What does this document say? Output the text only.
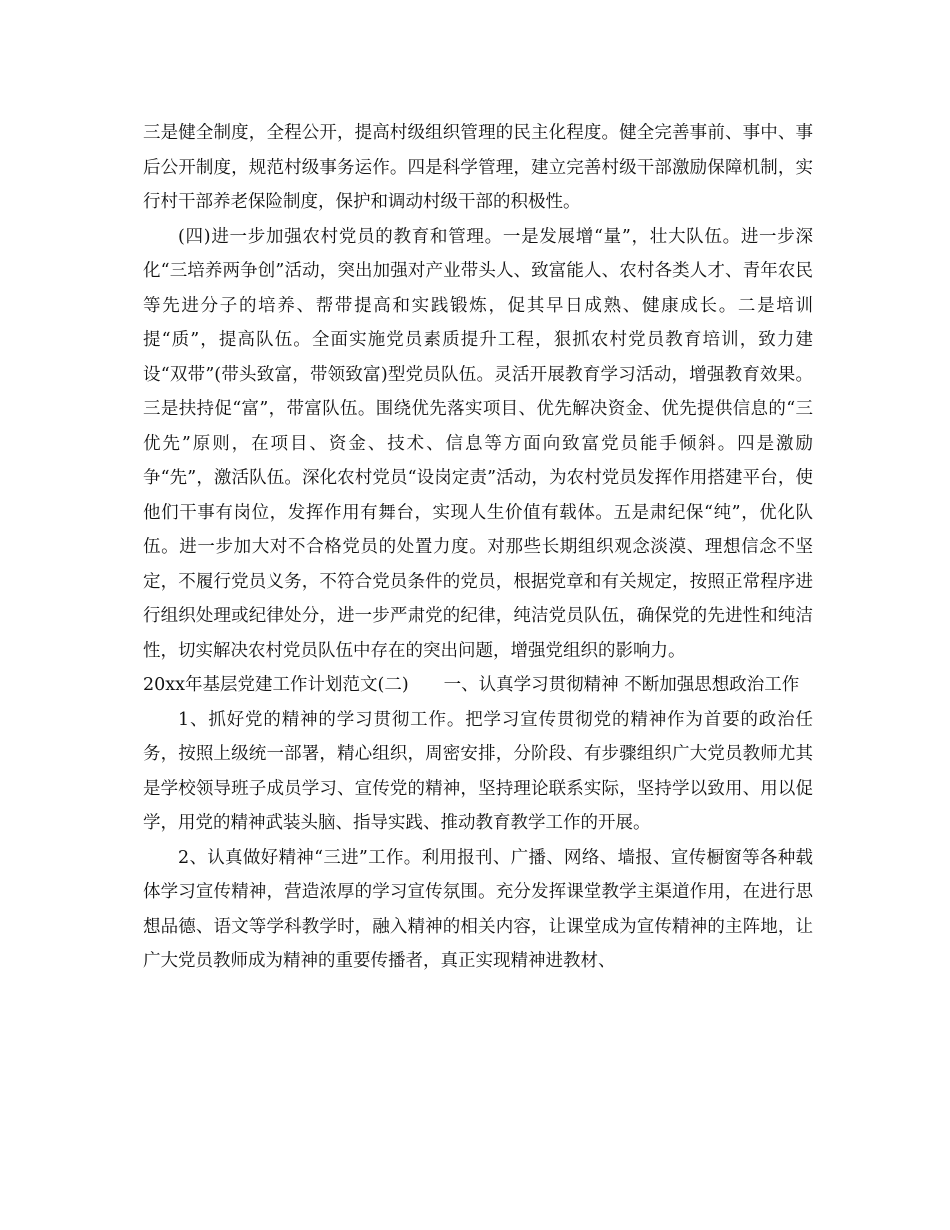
三是健全制度，全程公开，提高村级组织管理的民主化程度。健全完善事前、事中、事后公开制度，规范村级事务运作。四是科学管理，建立完善村级干部激励保障机制，实行村干部养老保险制度，保护和调动村级干部的积极性。

(四)进一步加强农村党员的教育和管理。一是发展增“量”，壮大队伍。进一步深化“三培养两争创”活动，突出加强对产业带头人、致富能人、农村各类人才、青年农民等先进分子的培养、帮带提高和实践锻炼，促其早日成熟、健康成长。二是培训提“质”，提高队伍。全面实施党员素质提升工程，狠抓农村党员教育培训，致力建设“双带”(带头致富，带领致富)型党员队伍。灵活开展教育学习活动，增强教育效果。三是扶持促“富”，带富队伍。围绕优先落实项目、优先解决资金、优先提供信息的“三优先”原则，在项目、资金、技术、信息等方面向致富党员能手倾斜。四是激励争“先”，激活队伍。深化农村党员“设岗定责”活动，为农村党员发挥作用搭建平台，使他们干事有岗位，发挥作用有舞台，实现人生价值有载体。五是肃纪保“纯”，优化队伍。进一步加大对不合格党员的处置力度。对那些长期组织观念淡漠、理想信念不坚定，不履行党员义务，不符合党员条件的党员，根据党章和有关规定，按照正常程序进行组织处理或纪律处分，进一步严肃党的纪律，纯洁党员队伍，确保党的先进性和纯洁性，切实解决农村党员队伍中存在的突出问题，增强党组织的影响力。

20xx年基层党建工作计划范文(二)　　一、认真学习贯彻精神 不断加强思想政治工作

1、抓好党的精神的学习贯彻工作。把学习宣传贯彻党的精神作为首要的政治任务，按照上级统一部署，精心组织，周密安排，分阶段、有步骤组织广大党员教师尤其是学校领导班子成员学习、宣传党的精神，坚持理论联系实际，坚持学以致用、用以促学，用党的精神武装头脑、指导实践、推动教育教学工作的开展。

2、认真做好精神“三进”工作。利用报刊、广播、网络、墙报、宣传橱窗等各种载体学习宣传精神，营造浓厚的学习宣传氛围。充分发挥课堂教学主渠道作用，在进行思想品德、语文等学科教学时，融入精神的相关内容，让课堂成为宣传精神的主阵地，让广大党员教师成为精神的重要传播者，真正实现精神进教材、
